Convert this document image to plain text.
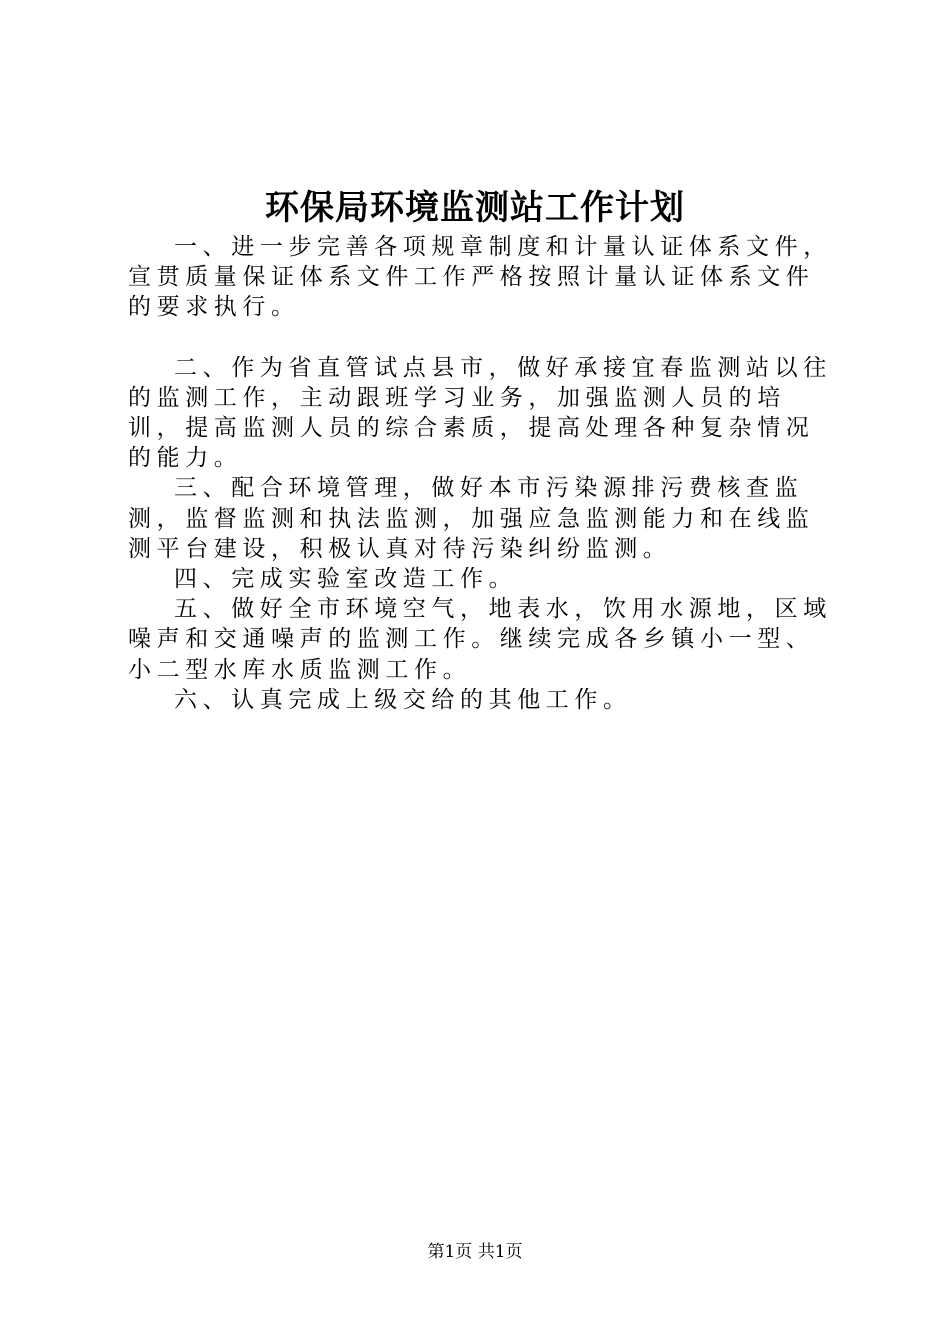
环保局环境监测站工作计划

一、进一步完善各项规章制度和计量认证体系文件，宣贯质量保证体系文件工作严格按照计量认证体系文件的要求执行。

二、作为省直管试点县市，做好承接宜春监测站以往的监测工作，主动跟班学习业务，加强监测人员的培训，提高监测人员的综合素质，提高处理各种复杂情况的能力。

三、配合环境管理，做好本市污染源排污费核查监测，监督监测和执法监测，加强应急监测能力和在线监测平台建设，积极认真对待污染纠纷监测。

四、完成实验室改造工作。

五、做好全市环境空气，地表水，饮用水源地，区域噪声和交通噪声的监测工作。继续完成各乡镇小一型、小二型水库水质监测工作。

六、认真完成上级交给的其他工作。

第1页 共1页
